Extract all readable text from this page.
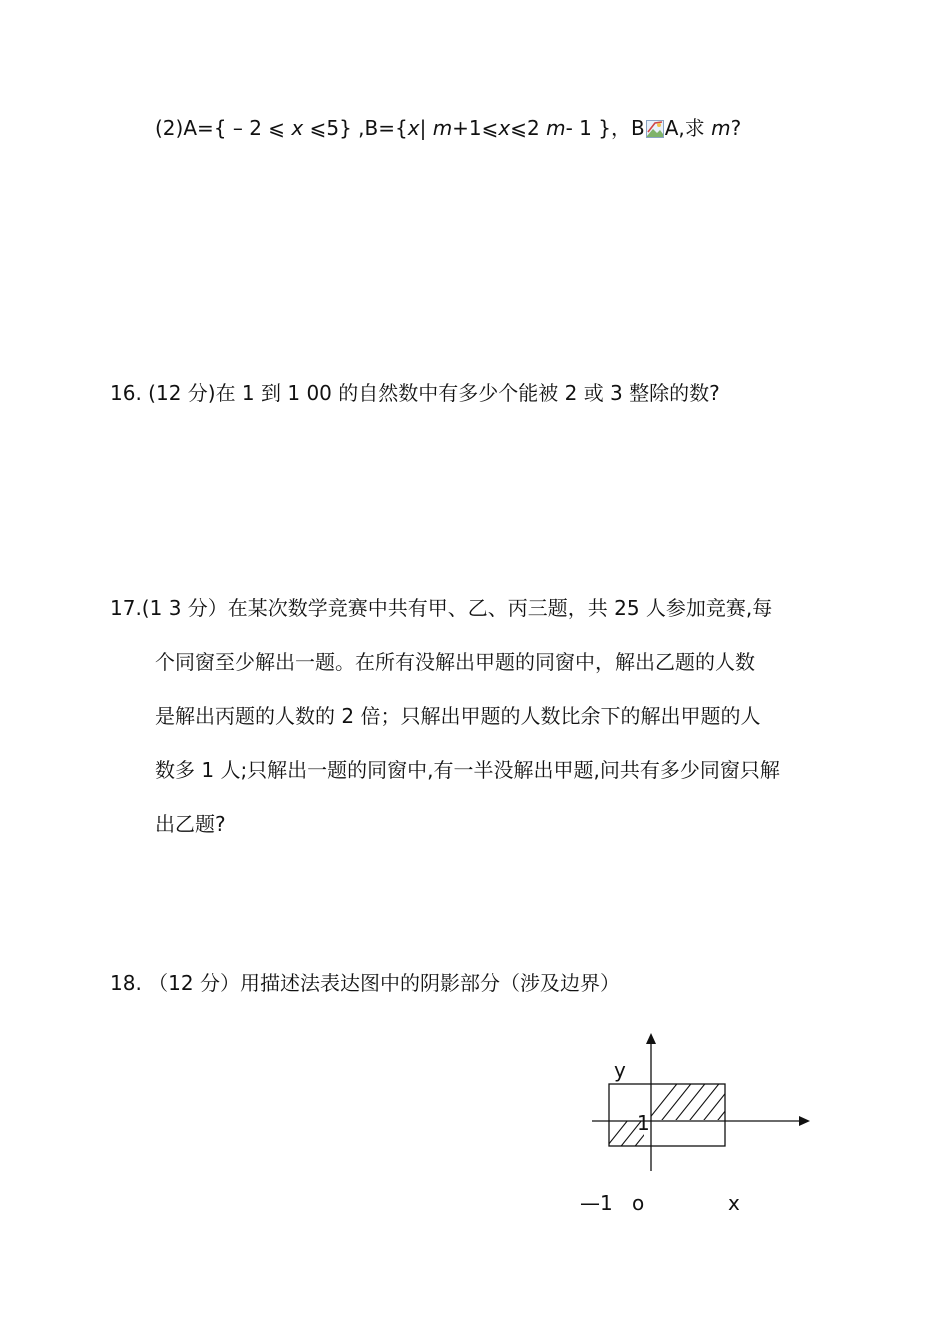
(2)A={ – 2 ⩽ x ⩽5} ,B={x| m+1⩽x⩽2 m- 1 }，B A,求 m?
16. (12 分)在 1 到 1 00 的自然数中有多少个能被 2 或 3 整除的数?
17.(1 3 分）在某次数学竞赛中共有甲、乙、丙三题，共 25 人参加竞赛,每
个同窗至少解出一题。在所有没解出甲题的同窗中，解出乙题的人数
是解出丙题的人数的 2 倍；只解出甲题的人数比余下的解出甲题的人
数多 1 人;只解出一题的同窗中,有一半没解出甲题,问共有多少同窗只解
出乙题?
18. （12 分）用描述法表达图中的阴影部分（涉及边界）
y
1
—1 o	x
